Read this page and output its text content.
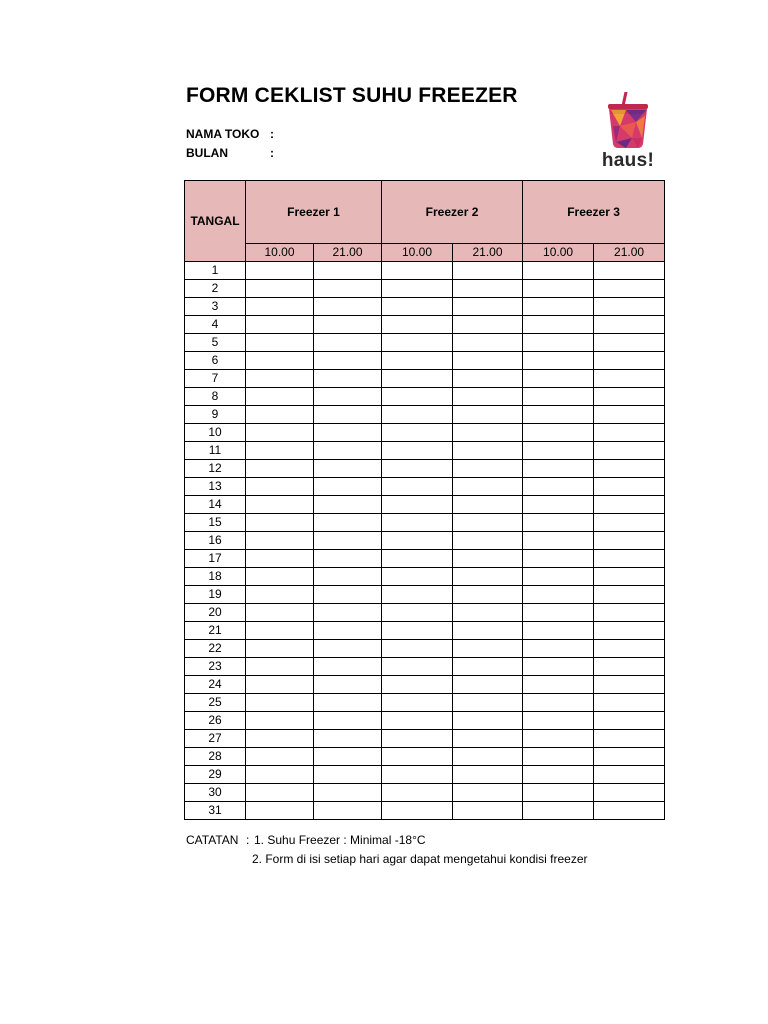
FORM CEKLIST SUHU FREEZER
NAMA TOKO :
BULAN	:	haus!
TANGAL	Freezer 1		Freezer 2		Freezer 3	
	10.00	21.00	10.00	21.00	10.00	21.00
1						
2						
3						
4						
5						
6						
7						
8						
9						
10						
11						
12						
13						
14						
15						
16						
17						
18						
19						
20						
21						
22						
23						
24						
25						
26						
27						
28						
29						
30						
31						
CATATAN : 1. Suhu Freezer : Minimal -18°C
2. Form di isi setiap hari agar dapat mengetahui kondisi freezer
